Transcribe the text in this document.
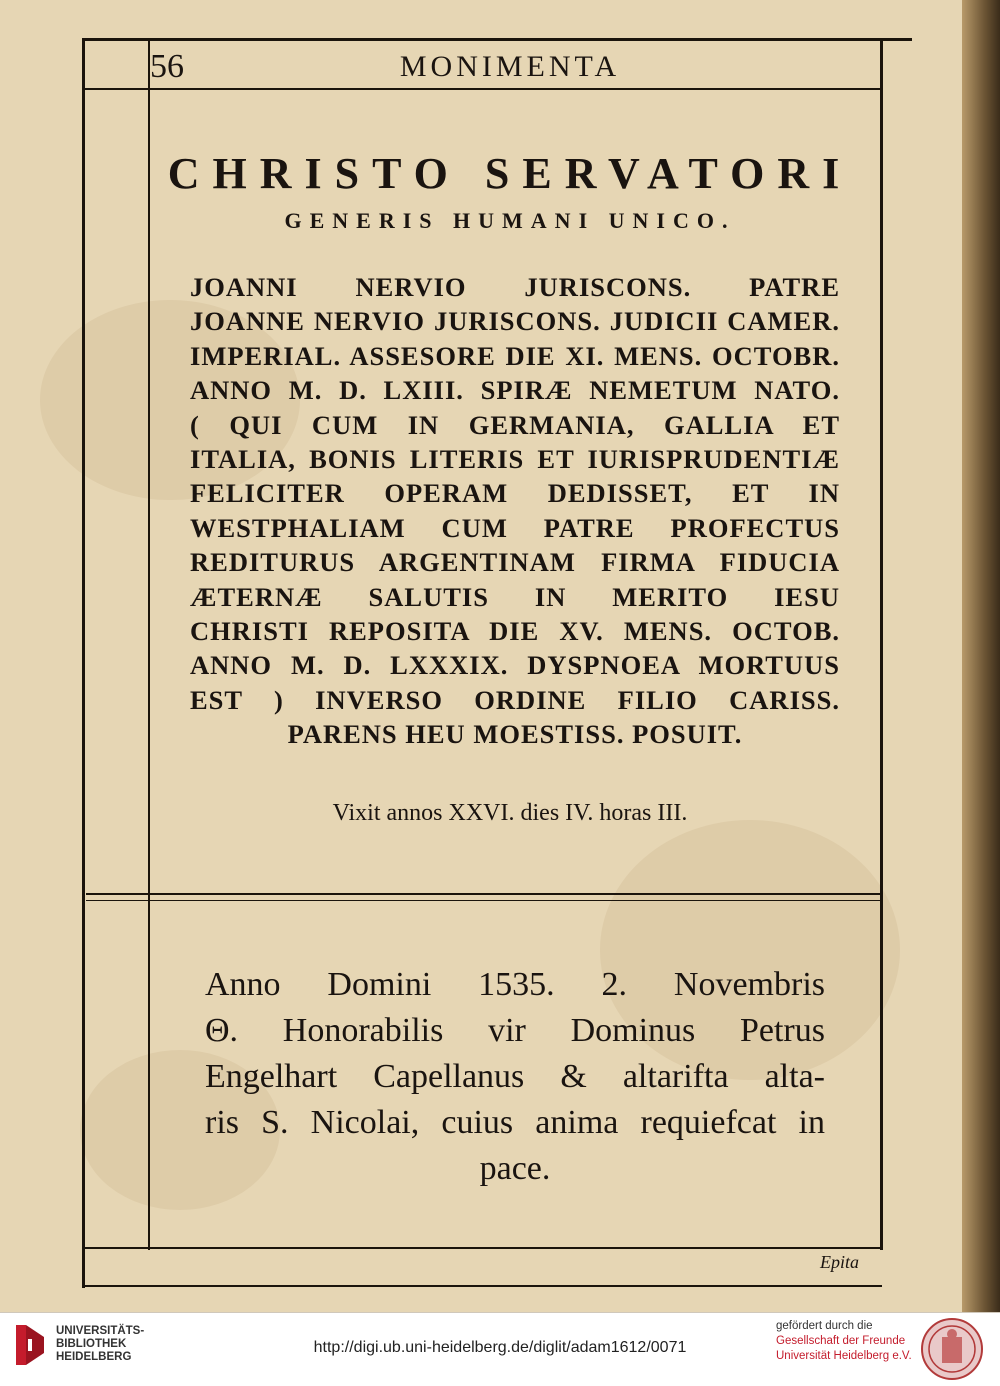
56	MONIMENTA
CHRISTO SERVATORI
GENERIS HUMANI UNICO.
JOANNI NERVIO JURISCONS. PATRE
JOANNE NERVIO JURISCONS. JUDICII CAMER.
IMPERIAL. ASSESORE DIE XI. MENS. OCTOBR.
ANNO M. D. LXIII. SPIRÆ NEMETUM NATO.
( QUI CUM IN GERMANIA, GALLIA ET
ITALIA, BONIS LITERIS ET IURISPRUDENTIÆ
FELICITER OPERAM DEDISSET, ET IN
WESTPHALIAM CUM PATRE PROFECTUS
REDITURUS ARGENTINAM FIRMA FIDUCIA
ÆTERNÆ SALUTIS IN MERITO IESU
CHRISTI REPOSITA DIE XV. MENS. OCTOB.
ANNO M. D. LXXXIX. DYSPNOEA MORTUUS
EST ) INVERSO ORDINE FILIO CARISS.
PARENS HEU MOESTISS. POSUIT.
Vixit annos XXVI. dies IV. horas III.
Anno Domini 1535. 2. Novembris
Θ. Honorabilis vir Dominus Petrus
Engelhart Capellanus & altarifta alta-
ris S. Nicolai, cuius anima requiefcat in
pace.
Epita
UNIVERSITÄTS-
BIBLIOTHEK
HEIDELBERG
http://digi.ub.uni-heidelberg.de/diglit/adam1612/0071
gefördert durch die
Gesellschaft der Freunde
Universität Heidelberg e.V.
